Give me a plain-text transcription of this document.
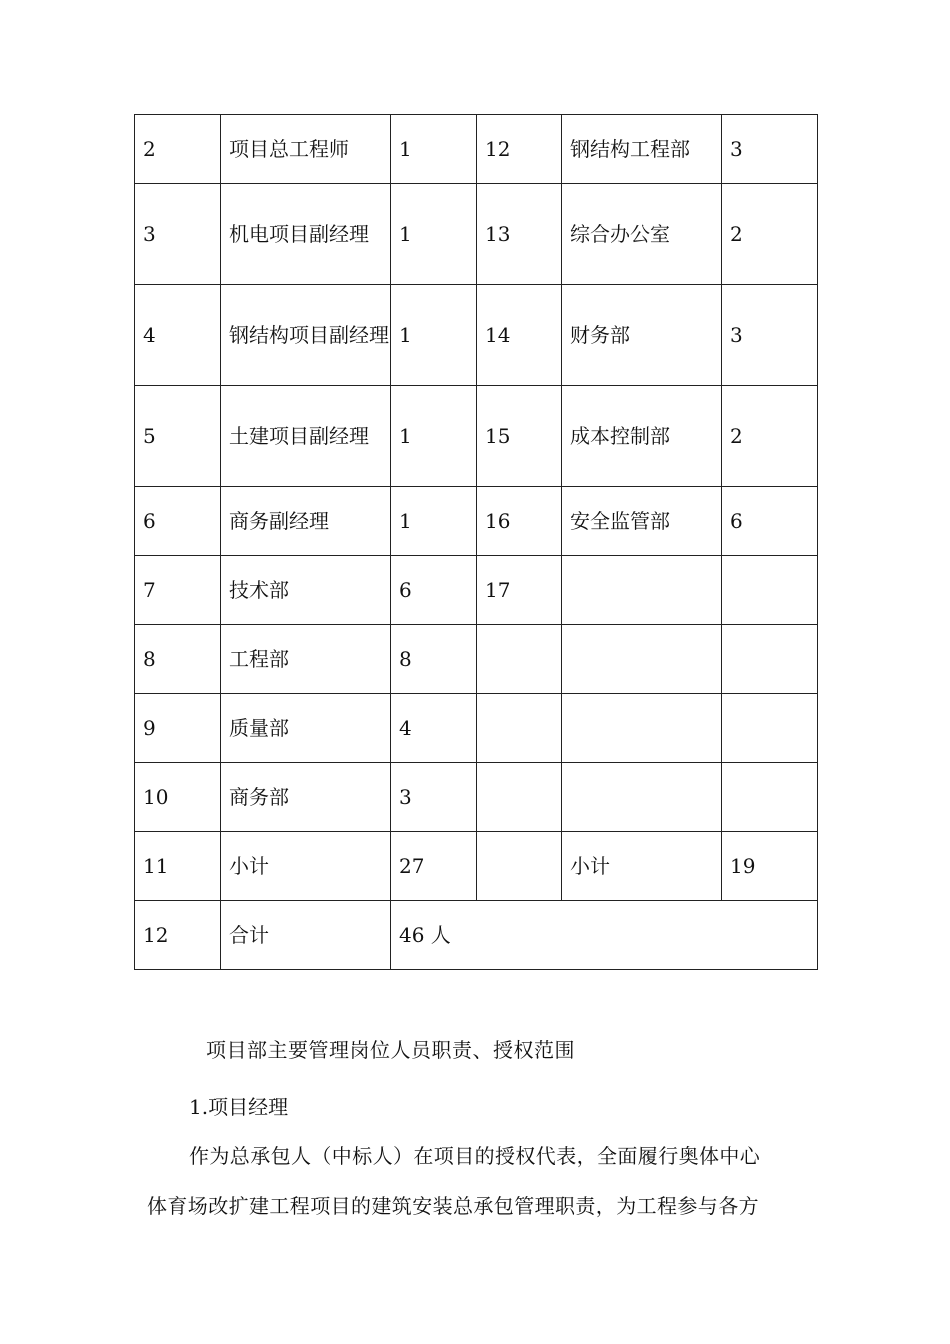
2	项目总工程师	1	12	钢结构工程部	3
3	机电项目副经理	1	13	综合办公室	2
4	钢结构项目副经理	1	14	财务部	3
5	土建项目副经理	1	15	成本控制部	2
6	商务副经理	1	16	安全监管部	6
7	技术部	6	17		
8	工程部	8			
9	质量部	4			
10	商务部	3			
11	小计	27		小计	19
12	合计	46 人			
项目部主要管理岗位人员职责、授权范围
1.项目经理
作为总承包人（中标人）在项目的授权代表，全面履行奥体中心
体育场改扩建工程项目的建筑安装总承包管理职责，为工程参与各方
